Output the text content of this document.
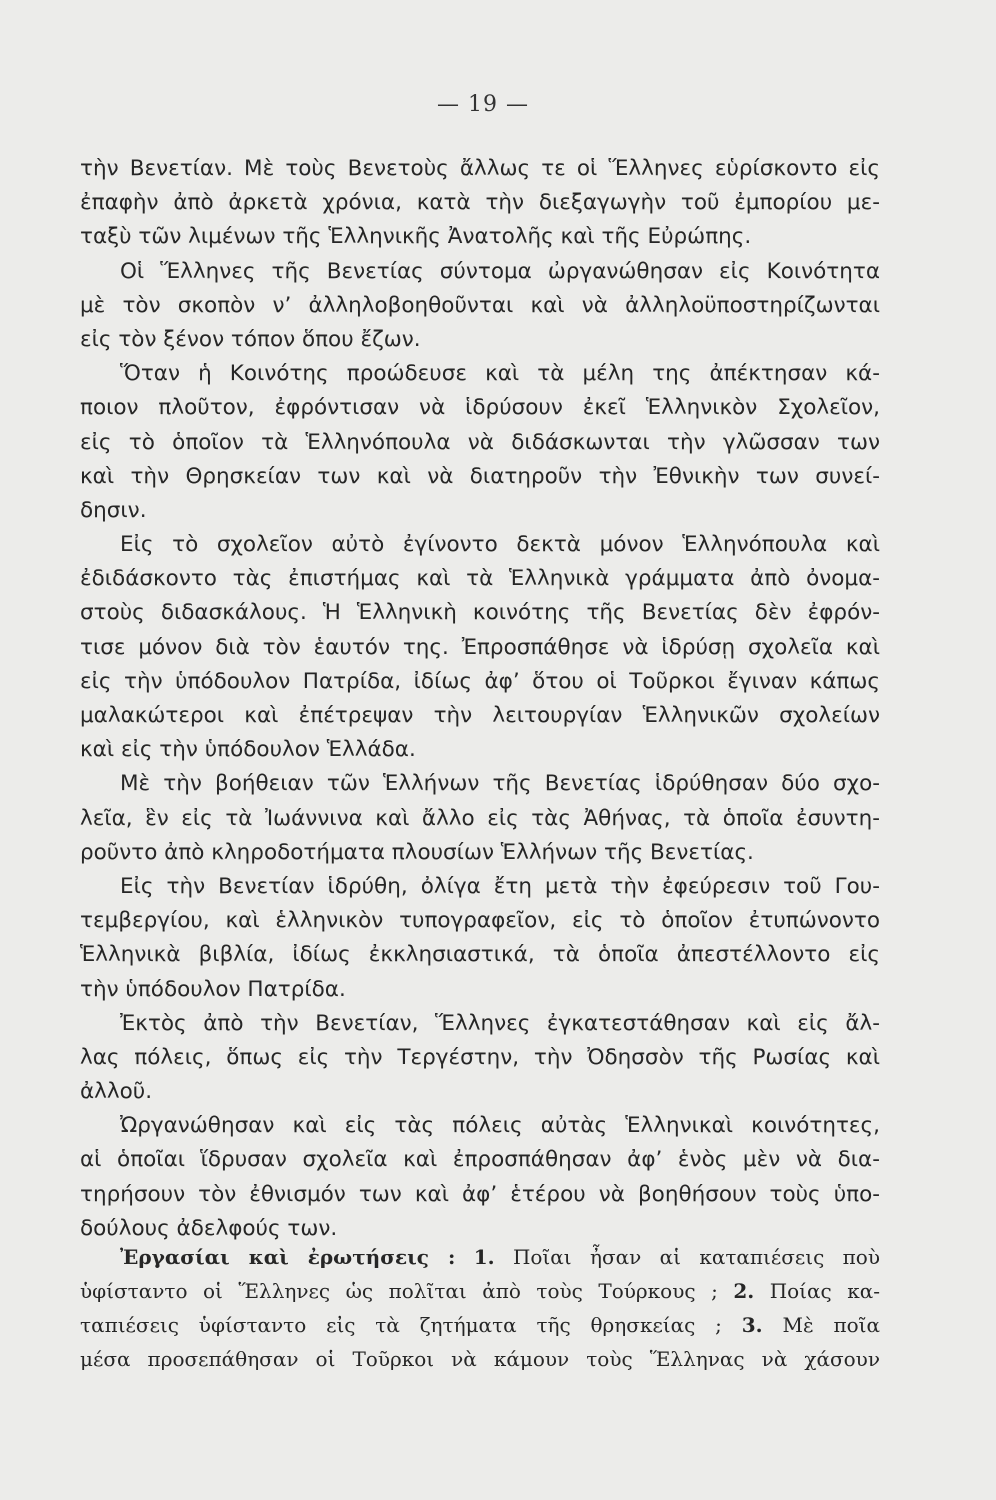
— 19 —
τὴν Βενετίαν. Μὲ τοὺς Βενετοὺς ἄλλως τε οἱ Ἕλληνες εὑρίσκοντο εἰς
ἐπαφὴν ἀπὸ ἀρκετὰ χρόνια, κατὰ τὴν διεξαγωγὴν τοῦ ἐμπορίου με-
ταξὺ τῶν λιμένων τῆς Ἑλληνικῆς Ἀνατολῆς καὶ τῆς Εὐρώπης.
Οἱ Ἕλληνες τῆς Βενετίας σύντομα ὠργανώθησαν εἰς Κοινότητα
μὲ τὸν σκοπὸν ν’ ἀλληλοβοηθοῦνται καὶ νὰ ἀλληλοϋποστηρίζωνται
εἰς τὸν ξένον τόπον ὅπου ἔζων.
Ὅταν ἡ Κοινότης προώδευσε καὶ τὰ μέλη της ἀπέκτησαν κά-
ποιον πλοῦτον, ἐφρόντισαν νὰ ἱδρύσουν ἐκεῖ Ἑλληνικὸν Σχολεῖον,
εἰς τὸ ὁποῖον τὰ Ἑλληνόπουλα νὰ διδάσκωνται τὴν γλῶσσαν των
καὶ τὴν Θρησκείαν των καὶ νὰ διατηροῦν τὴν Ἐθνικὴν των συνεί-
δησιν.
Εἰς τὸ σχολεῖον αὐτὸ ἐγίνοντο δεκτὰ μόνον Ἑλληνόπουλα καὶ
ἐδιδάσκοντο τὰς ἐπιστήμας καὶ τὰ Ἑλληνικὰ γράμματα ἀπὸ ὀνομα-
στοὺς διδασκάλους. Ἡ Ἑλληνικὴ κοινότης τῆς Βενετίας δὲν ἐφρόν-
τισε μόνον διὰ τὸν ἑαυτόν της. Ἐπροσπάθησε νὰ ἱδρύσῃ σχολεῖα καὶ
εἰς τὴν ὑπόδουλον Πατρίδα, ἰδίως ἀφ’ ὅτου οἱ Τοῦρκοι ἔγιναν κάπως
μαλακώτεροι καὶ ἐπέτρεψαν τὴν λειτουργίαν Ἑλληνικῶν σχολείων
καὶ εἰς τὴν ὑπόδουλον Ἑλλάδα.
Μὲ τὴν βοήθειαν τῶν Ἑλλήνων τῆς Βενετίας ἱδρύθησαν δύο σχο-
λεῖα, ἓν εἰς τὰ Ἰωάννινα καὶ ἄλλο εἰς τὰς Ἀθήνας, τὰ ὁποῖα ἐσυντη-
ροῦντο ἀπὸ κληροδοτήματα πλουσίων Ἑλλήνων τῆς Βενετίας.
Εἰς τὴν Βενετίαν ἱδρύθη, ὀλίγα ἔτη μετὰ τὴν ἐφεύρεσιν τοῦ Γου-
τεμβεργίου, καὶ ἑλληνικὸν τυπογραφεῖον, εἰς τὸ ὁποῖον ἐτυπώνοντο
Ἑλληνικὰ βιβλία, ἰδίως ἐκκλησιαστικά, τὰ ὁποῖα ἀπεστέλλοντο εἰς
τὴν ὑπόδουλον Πατρίδα.
Ἐκτὸς ἀπὸ τὴν Βενετίαν, Ἕλληνες ἐγκατεστάθησαν καὶ εἰς ἄλ-
λας πόλεις, ὅπως εἰς τὴν Τεργέστην, τὴν Ὀδησσὸν τῆς Ρωσίας καὶ
ἀλλοῦ.
Ὠργανώθησαν καὶ εἰς τὰς πόλεις αὐτὰς Ἑλληνικαὶ κοινότητες,
αἱ ὁποῖαι ἵδρυσαν σχολεῖα καὶ ἐπροσπάθησαν ἀφ’ ἑνὸς μὲν νὰ δια-
τηρήσουν τὸν ἐθνισμόν των καὶ ἀφ’ ἑτέρου νὰ βοηθήσουν τοὺς ὑπο-
δούλους ἀδελφούς των.
Ἐργασίαι καὶ ἐρωτήσεις : 1. Ποῖαι ἦσαν αἱ καταπιέσεις ποὺ
ὑφίσταντο οἱ Ἕλληνες ὡς πολῖται ἀπὸ τοὺς Τούρκους ; 2. Ποίας κα-
ταπιέσεις ὑφίσταντο εἰς τὰ ζητήματα τῆς θρησκείας ; 3. Μὲ ποῖα
μέσα προσεπάθησαν οἱ Τοῦρκοι νὰ κάμουν τοὺς Ἕλληνας νὰ χάσουν
